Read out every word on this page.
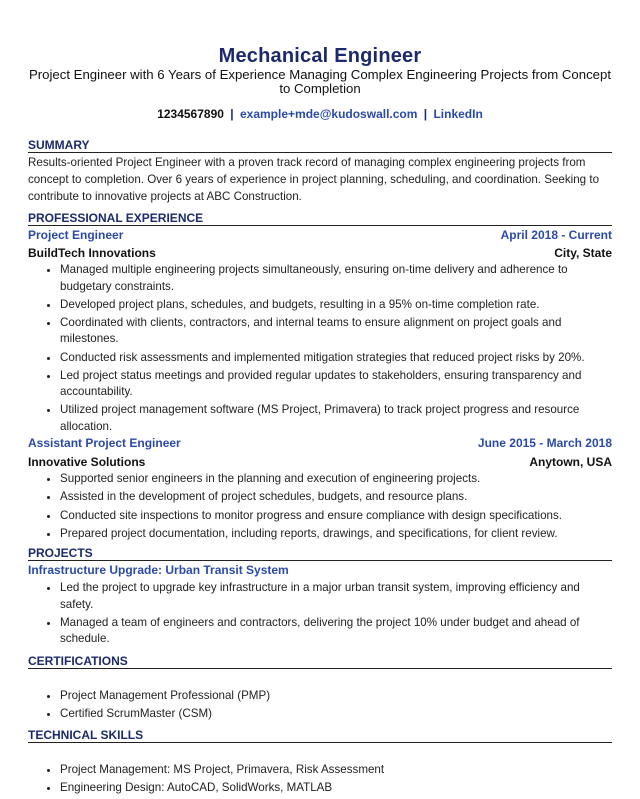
Mechanical Engineer
Project Engineer with 6 Years of Experience Managing Complex Engineering Projects from Concept to Completion
1234567890 | example+mde@kudoswall.com | LinkedIn
SUMMARY
Results-oriented Project Engineer with a proven track record of managing complex engineering projects from concept to completion. Over 6 years of experience in project planning, scheduling, and coordination. Seeking to contribute to innovative projects at ABC Construction.
PROFESSIONAL EXPERIENCE
Project Engineer	April 2018 - Current
BuildTech Innovations	City, State
• Managed multiple engineering projects simultaneously, ensuring on-time delivery and adherence to budgetary constraints.
• Developed project plans, schedules, and budgets, resulting in a 95% on-time completion rate.
• Coordinated with clients, contractors, and internal teams to ensure alignment on project goals and milestones.
• Conducted risk assessments and implemented mitigation strategies that reduced project risks by 20%.
• Led project status meetings and provided regular updates to stakeholders, ensuring transparency and accountability.
• Utilized project management software (MS Project, Primavera) to track project progress and resource allocation.
Assistant Project Engineer	June 2015 - March 2018
Innovative Solutions	Anytown, USA
• Supported senior engineers in the planning and execution of engineering projects.
• Assisted in the development of project schedules, budgets, and resource plans.
• Conducted site inspections to monitor progress and ensure compliance with design specifications.
• Prepared project documentation, including reports, drawings, and specifications, for client review.
PROJECTS
Infrastructure Upgrade: Urban Transit System
• Led the project to upgrade key infrastructure in a major urban transit system, improving efficiency and safety.
• Managed a team of engineers and contractors, delivering the project 10% under budget and ahead of schedule.
CERTIFICATIONS
• Project Management Professional (PMP)
• Certified ScrumMaster (CSM)
TECHNICAL SKILLS
• Project Management: MS Project, Primavera, Risk Assessment
• Engineering Design: AutoCAD, SolidWorks, MATLAB
